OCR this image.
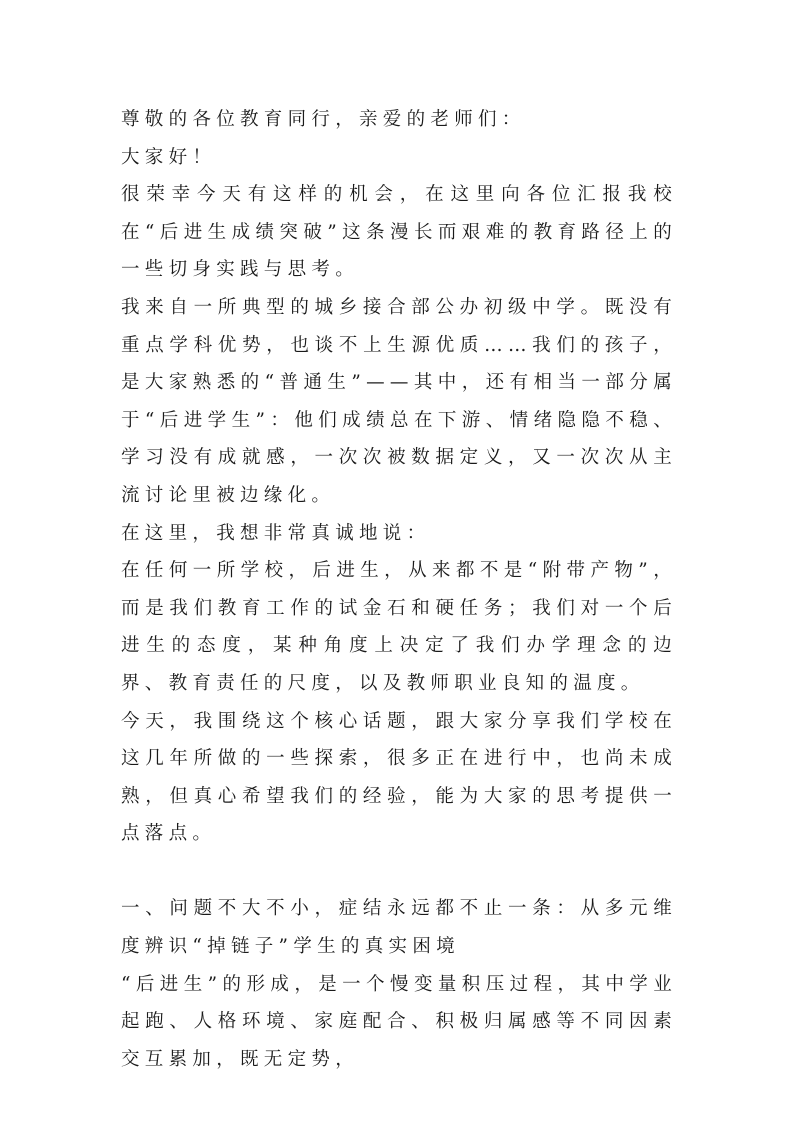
尊敬的各位教育同行，亲爱的老师们：

大家好！

很荣幸今天有这样的机会，在这里向各位汇报我校在“后进生成绩突破”这条漫长而艰难的教育路径上的一些切身实践与思考。

我来自一所典型的城乡接合部公办初级中学。既没有重点学科优势，也谈不上生源优质……我们的孩子，是大家熟悉的“普通生”——其中，还有相当一部分属于“后进学生”：他们成绩总在下游、情绪隐隐不稳、学习没有成就感，一次次被数据定义，又一次次从主流讨论里被边缘化。

在这里，我想非常真诚地说：

在任何一所学校，后进生，从来都不是“附带产物”，而是我们教育工作的试金石和硬任务；我们对一个后进生的态度，某种角度上决定了我们办学理念的边界、教育责任的尺度，以及教师职业良知的温度。

今天，我围绕这个核心话题，跟大家分享我们学校在这几年所做的一些探索，很多正在进行中，也尚未成熟，但真心希望我们的经验，能为大家的思考提供一点落点。

一、问题不大不小，症结永远都不止一条：从多元维度辨识“掉链子”学生的真实困境

“后进生”的形成，是一个慢变量积压过程，其中学业起跑、人格环境、家庭配合、积极归属感等不同因素交互累加，既无定势，
